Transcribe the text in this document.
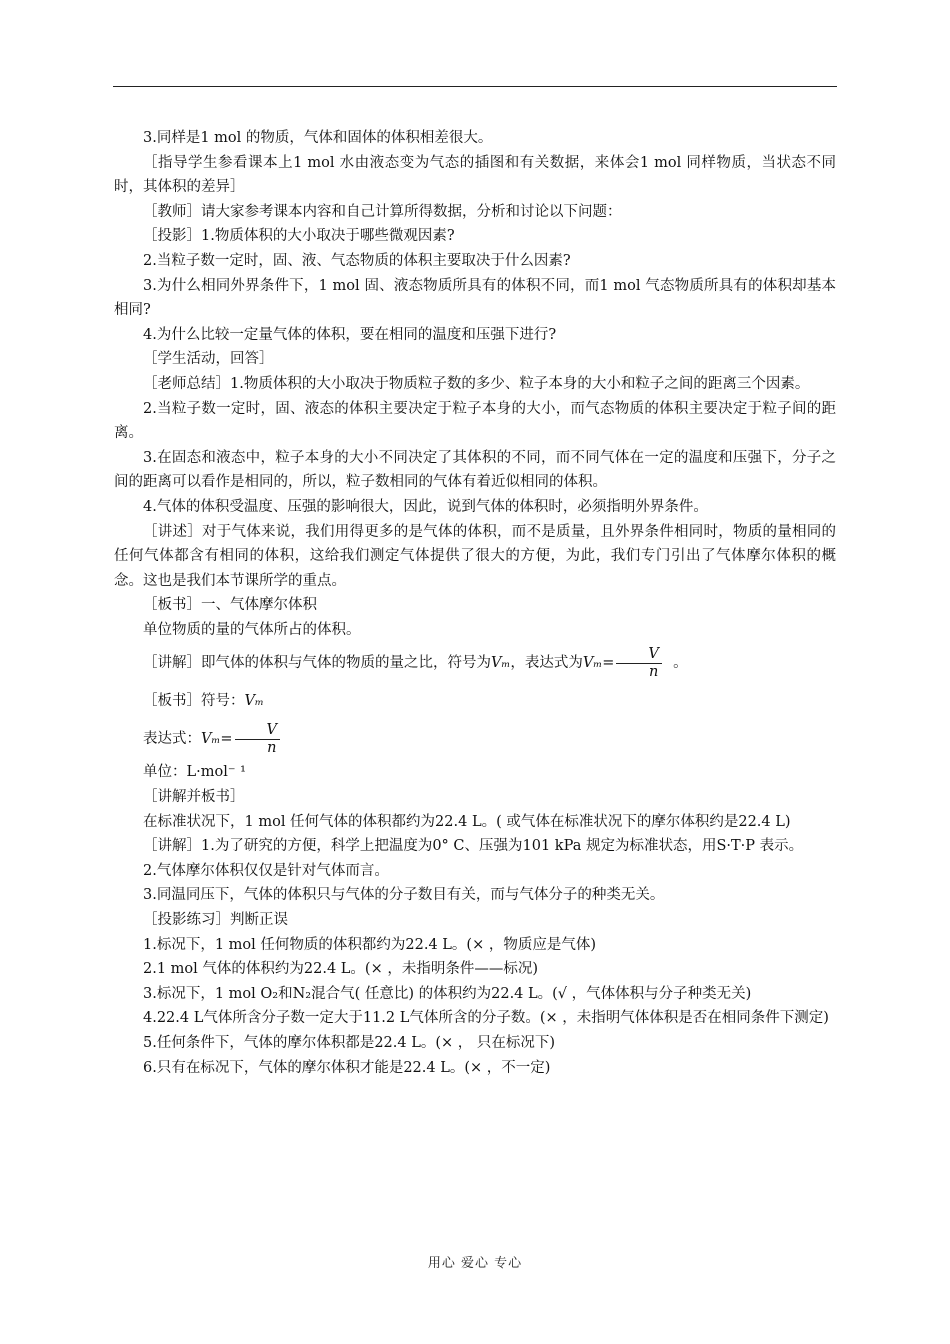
3.同样是1 mol 的物质，气体和固体的体积相差很大。

［指导学生参看课本上1 mol 水由液态变为气态的插图和有关数据，来体会1 mol 同样物质，当状态不同时，其体积的差异］

［教师］请大家参考课本内容和自己计算所得数据，分析和讨论以下问题：

［投影］1.物质体积的大小取决于哪些微观因素?

2.当粒子数一定时，固、液、气态物质的体积主要取决于什么因素?

3.为什么相同外界条件下，1 mol 固、液态物质所具有的体积不同，而1 mol 气态物质所具有的体积却基本相同?

4.为什么比较一定量气体的体积，要在相同的温度和压强下进行?

［学生活动，回答］

［老师总结］1.物质体积的大小取决于物质粒子数的多少、粒子本身的大小和粒子之间的距离三个因素。

2.当粒子数一定时，固、液态的体积主要决定于粒子本身的大小，而气态物质的体积主要决定于粒子间的距离。

3.在固态和液态中，粒子本身的大小不同决定了其体积的不同，而不同气体在一定的温度和压强下，分子之间的距离可以看作是相同的，所以，粒子数相同的气体有着近似相同的体积。

4.气体的体积受温度、压强的影响很大，因此，说到气体的体积时，必须指明外界条件。

［讲述］对于气体来说，我们用得更多的是气体的体积，而不是质量，且外界条件相同时，物质的量相同的任何气体都含有相同的体积，这给我们测定气体提供了很大的方便，为此，我们专门引出了气体摩尔体积的概念。这也是我们本节课所学的重点。

［板书］一、气体摩尔体积

单位物质的量的气体所占的体积。

［讲解］即气体的体积与气体的物质的量之比，符号为Vₘ，表达式为$V_m= \frac{V}{n}$ 。

［板书］符号：Vₘ

表达式：$V_m= \frac{V}{n}$

单位：L·mol⁻ ¹

［讲解并板书］

在标准状况下，1 mol 任何气体的体积都约为22.4 L。( 或气体在标准状况下的摩尔体积约是22.4 L)

［讲解］1.为了研究的方便，科学上把温度为0° C、压强为101 kPa 规定为标准状态，用S·T·P 表示。

2.气体摩尔体积仅仅是针对气体而言。

3.同温同压下，气体的体积只与气体的分子数目有关，而与气体分子的种类无关。

［投影练习］判断正误

1.标况下，1 mol 任何物质的体积都约为22.4 L。(× ，物质应是气体)

2.1 mol 气体的体积约为22.4 L。(× ，未指明条件——标况)

3.标况下，1 mol O₂和N₂混合气( 任意比) 的体积约为22.4 L。(√ ，气体体积与分子种类无关)

4.22.4 L气体所含分子数一定大于11.2 L气体所含的分子数。(× ，未指明气体体积是否在相同条件下测定)

5.任何条件下，气体的摩尔体积都是22.4 L。(× ， 只在标况下)

6.只有在标况下，气体的摩尔体积才能是22.4 L。(× ，不一定)

用心 爱心 专心
